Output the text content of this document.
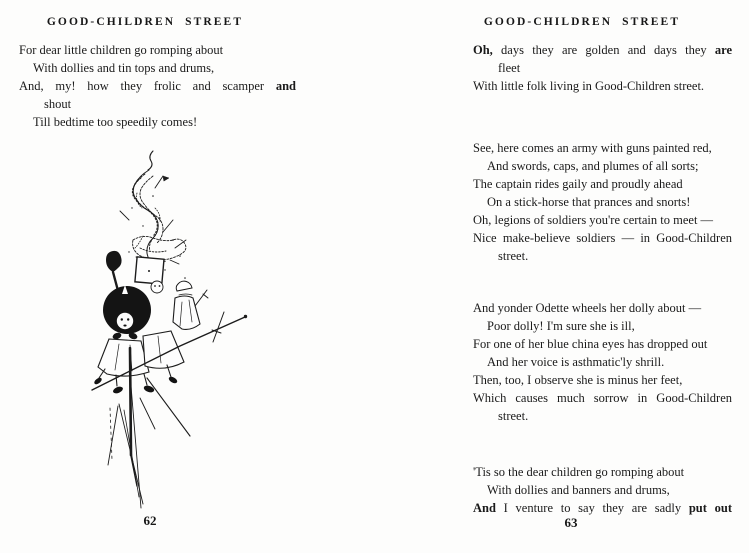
GOOD-CHILDREN STREET
For dear little children go romping about
With dollies and tin tops and drums,
And, my! how they frolic and scamper and
shout
Till bedtime too speedily comes!
62
GOOD-CHILDREN STREET
Oh, days they are golden and days they are
fleet
With little folk living in Good-Children street.
See, here comes an army with guns painted red,
And swords, caps, and plumes of all sorts;
The captain rides gaily and proudly ahead
On a stick-horse that prances and snorts!
Oh, legions of soldiers you're certain to meet —
Nice make-believe soldiers — in Good-Children
street.
And yonder Odette wheels her dolly about —
Poor dolly! I'm sure she is ill,
For one of her blue china eyes has dropped out
And her voice is asthmatic'ly shrill.
Then, too, I observe she is minus her feet,
Which causes much sorrow in Good-Children
street.
'Tis so the dear children go romping about
With dollies and banners and drums,
And I venture to say they are sadly put out
63
